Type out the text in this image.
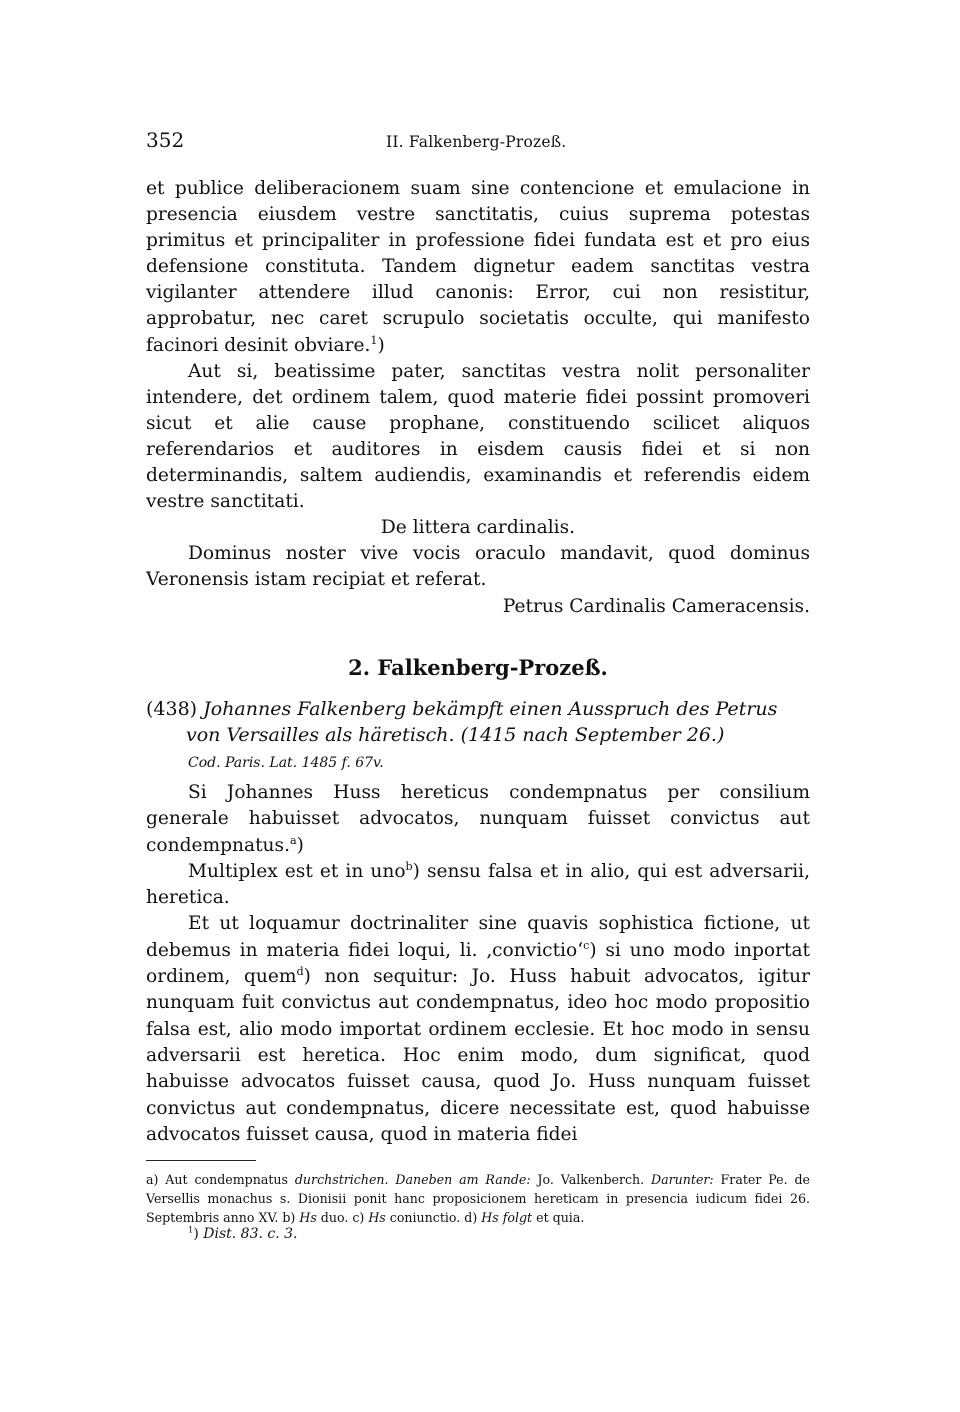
352	II. Falkenberg-Prozeß.

et publice deliberacionem suam sine contencione et emulacione in presencia eiusdem vestre sanctitatis, cuius suprema potestas primitus et principaliter in professione fidei fundata est et pro eius defensione constituta. Tandem dignetur eadem sanctitas vestra vigilanter attendere illud canonis: Error, cui non resistitur, approbatur, nec caret scrupulo societatis occulte, qui manifesto facinori desinit obviare.$^1$)

Aut si, beatissime pater, sanctitas vestra nolit personaliter intendere, det ordinem talem, quod materie fidei possint promoveri sicut et alie cause prophane, constituendo scilicet aliquos referendarios et auditores in eisdem causis fidei et si non determinandis, saltem audiendis, examinandis et referendis eidem vestre sanctitati.

De littera cardinalis.

Dominus noster vive vocis oraculo mandavit, quod dominus Veronensis istam recipiat et referat.

Petrus Cardinalis Cameracensis.

2. Falkenberg-Prozeß.
(438) Johannes Falkenberg bekämpft einen Ausspruch des Petrus
von Versailles als häretisch. (1415 nach September 26.)
Cod. Paris. Lat. 1485 f. 67v.

Si Johannes Huss hereticus condempnatus per consilium generale habuisset advocatos, nunquam fuisset convictus aut condempnatus.$^a$)

Multiplex est et in uno$^b$) sensu falsa et in alio, qui est adversarii, heretica.

Et ut loquamur doctrinaliter sine quavis sophistica fictione, ut debemus in materia fidei loqui, li. ‚convictio‘$^c$) si uno modo inportat ordinem, quem$^d$) non sequitur: Jo. Huss habuit advocatos, igitur nunquam fuit convictus aut condempnatus, ideo hoc modo propositio falsa est, alio modo importat ordinem ecclesie. Et hoc modo in sensu adversarii est heretica. Hoc enim modo, dum significat, quod habuisse advocatos fuisset causa, quod Jo. Huss nunquam fuisset convictus aut condempnatus, dicere necessitate est, quod habuisse advocatos fuisset causa, quod in materia fidei

a) Aut condempnatus durchstrichen. Daneben am Rande: Jo. Valkenberch. Darunter: Frater Pe. de Versellis monachus s. Dionisii ponit hanc proposicionem hereticam in presencia iudicum fidei 26. Septembris anno XV. b) Hs duo. c) Hs coniunctio. d) Hs folgt et quia.
$^1$) Dist. 83. c. 3.
